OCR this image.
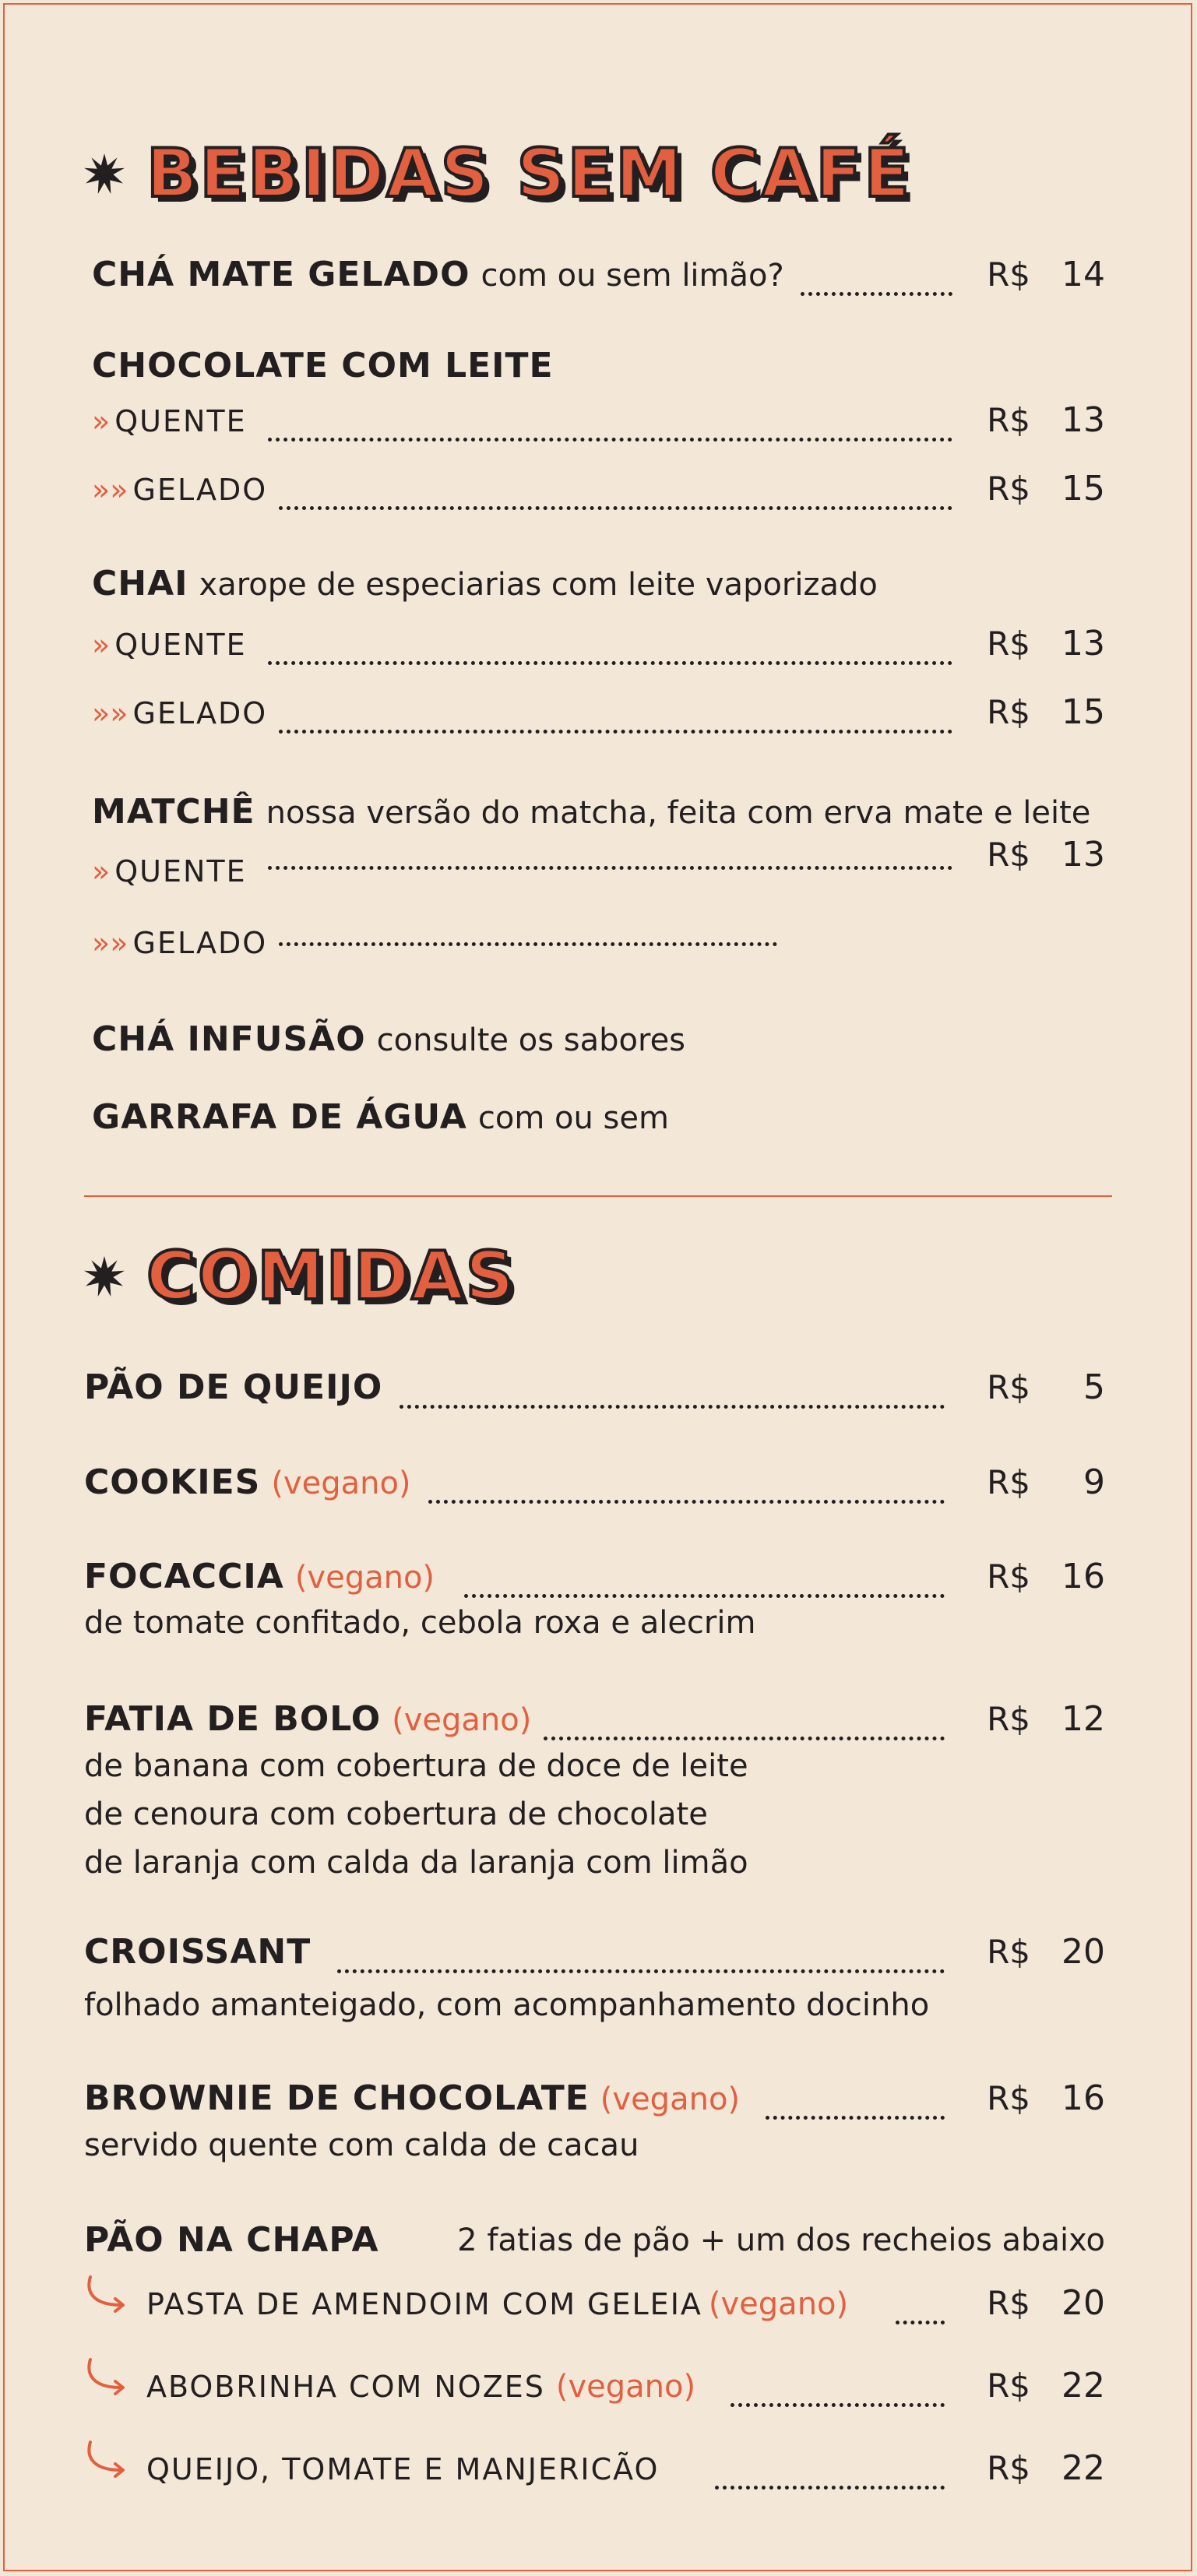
BEBIDAS SEM CAFÉ
CHÁ MATE GELADO com ou sem limão?	R$ 14
CHOCOLATE COM LEITE
» QUENTE	R$ 13
»» GELADO	R$ 15
CHAI xarope de especiarias com leite vaporizado
» QUENTE	R$ 13
»» GELADO	R$ 15
MATCHÊ nossa versão do matcha, feita com erva mate e leite
» QUENTE	R$ 13
»» GELADO
CHÁ INFUSÃO consulte os sabores
GARRAFA DE ÁGUA com ou sem
COMIDAS
PÃO DE QUEIJO	R$	5
COOKIES (vegano)	R$	9
FOCACCIA (vegano)	R$ 16
de tomate confitado, cebola roxa e alecrim
FATIA DE BOLO (vegano)	R$ 12
de banana com cobertura de doce de leite
de cenoura com cobertura de chocolate
de laranja com calda da laranja com limão
CROISSANT	R$ 20
folhado amanteigado, com acompanhamento docinho
BROWNIE DE CHOCOLATE (vegano)	R$ 16
servido quente com calda de cacau
PÃO NA CHAPA	2 fatias de pão + um dos recheios abaixo
PASTA DE AMENDOIM COM GELEIA (vegano)	R$ 20
ABOBRINHA COM NOZES (vegano)	R$ 22
QUEIJO, TOMATE E MANJERICÃO	R$ 22
